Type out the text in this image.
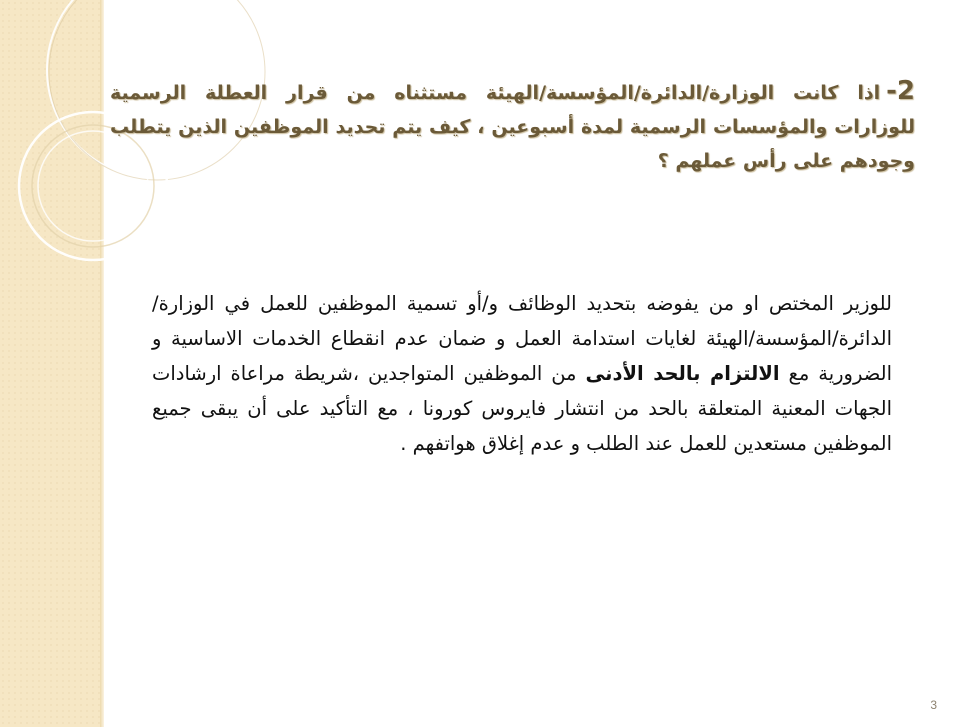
2-اذا كانت الوزارة/الدائرة/المؤسسة/الهيئة مستثناه من قرار العطلة الرسمية للوزارات والمؤسسات الرسمية لمدة أسبوعين ، كيف يتم تحديد الموظفين الذين يتطلب وجودهم على رأس عملهم ؟

للوزير المختص او من يفوضه بتحديد الوظائف و/أو تسمية الموظفين للعمل في الوزارة/الدائرة/المؤسسة/الهيئة لغايات استدامة العمل و ضمان عدم انقطاع الخدمات الاساسية و الضرورية مع الالتزام بالحد الأدنى من الموظفين المتواجدين ،شريطة مراعاة ارشادات الجهات المعنية المتعلقة بالحد من انتشار فايروس كورونا ، مع التأكيد على أن يبقى جميع الموظفين مستعدين للعمل عند الطلب و عدم إغلاق هواتفهم .

3
